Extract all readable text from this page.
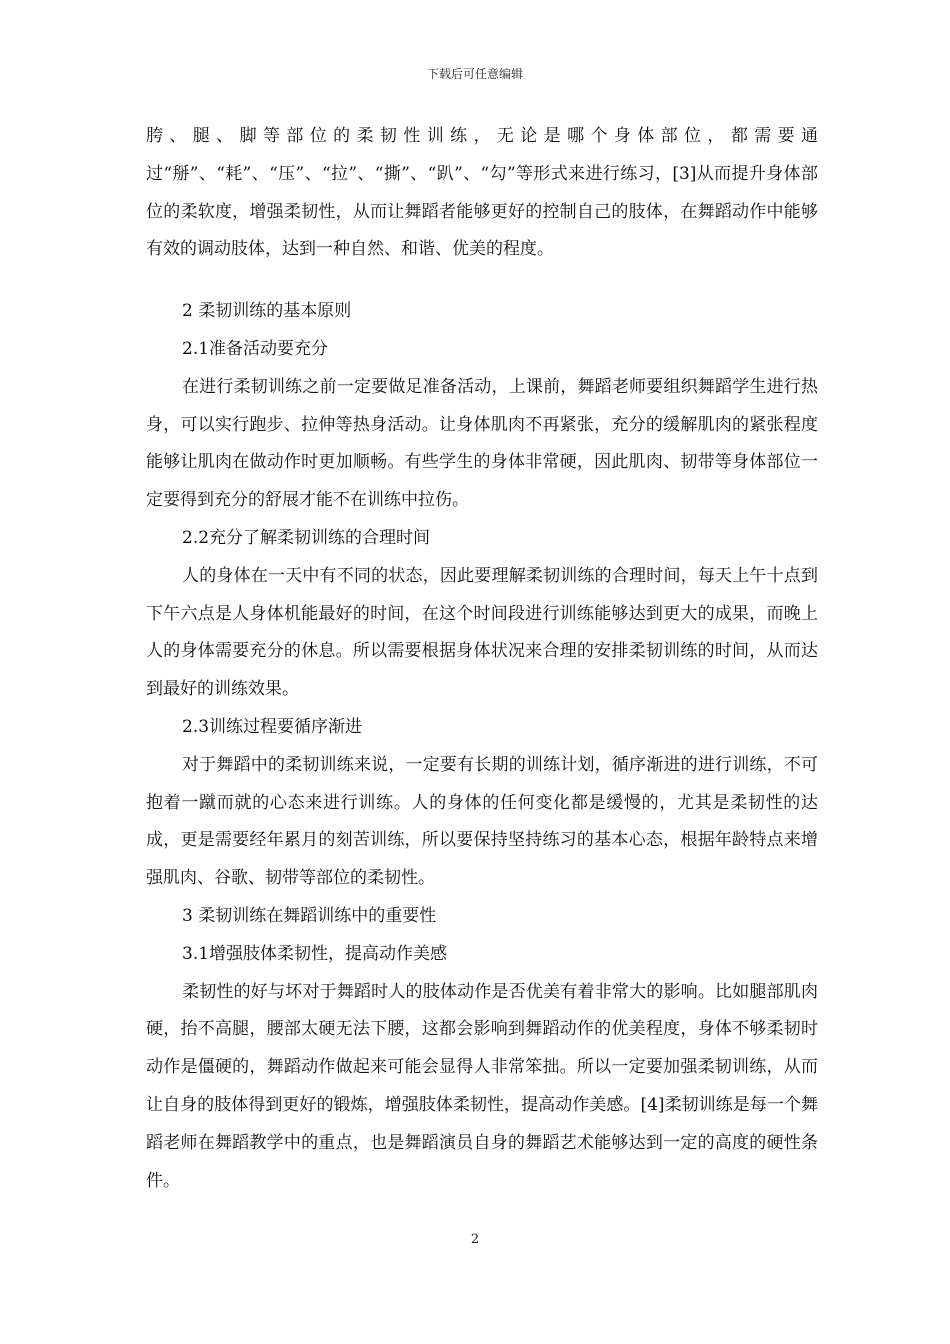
下载后可任意编辑

胯、腿、脚等部位的柔韧性训练，无论是哪个身体部位，都需要通过“掰”、“耗”、“压”、“拉”、“撕”、“趴”、“勾”等形式来进行练习，[3]从而提升身体部位的柔软度，增强柔韧性，从而让舞蹈者能够更好的控制自己的肢体，在舞蹈动作中能够有效的调动肢体，达到一种自然、和谐、优美的程度。

2 柔韧训练的基本原则

2.1准备活动要充分

在进行柔韧训练之前一定要做足准备活动，上课前，舞蹈老师要组织舞蹈学生进行热身，可以实行跑步、拉伸等热身活动。让身体肌肉不再紧张，充分的缓解肌肉的紧张程度能够让肌肉在做动作时更加顺畅。有些学生的身体非常硬，因此肌肉、韧带等身体部位一定要得到充分的舒展才能不在训练中拉伤。

2.2充分了解柔韧训练的合理时间

人的身体在一天中有不同的状态，因此要理解柔韧训练的合理时间，每天上午十点到下午六点是人身体机能最好的时间，在这个时间段进行训练能够达到更大的成果，而晚上人的身体需要充分的休息。所以需要根据身体状况来合理的安排柔韧训练的时间，从而达到最好的训练效果。

2.3训练过程要循序渐进

对于舞蹈中的柔韧训练来说，一定要有长期的训练计划，循序渐进的进行训练，不可抱着一蹴而就的心态来进行训练。人的身体的任何变化都是缓慢的，尤其是柔韧性的达成，更是需要经年累月的刻苦训练，所以要保持坚持练习的基本心态，根据年龄特点来增强肌肉、谷歌、韧带等部位的柔韧性。

3 柔韧训练在舞蹈训练中的重要性

3.1增强肢体柔韧性，提高动作美感

柔韧性的好与坏对于舞蹈时人的肢体动作是否优美有着非常大的影响。比如腿部肌肉硬，抬不高腿，腰部太硬无法下腰，这都会影响到舞蹈动作的优美程度，身体不够柔韧时动作是僵硬的，舞蹈动作做起来可能会显得人非常笨拙。所以一定要加强柔韧训练，从而让自身的肢体得到更好的锻炼，增强肢体柔韧性，提高动作美感。[4]柔韧训练是每一个舞蹈老师在舞蹈教学中的重点，也是舞蹈演员自身的舞蹈艺术能够达到一定的高度的硬性条件。

2
